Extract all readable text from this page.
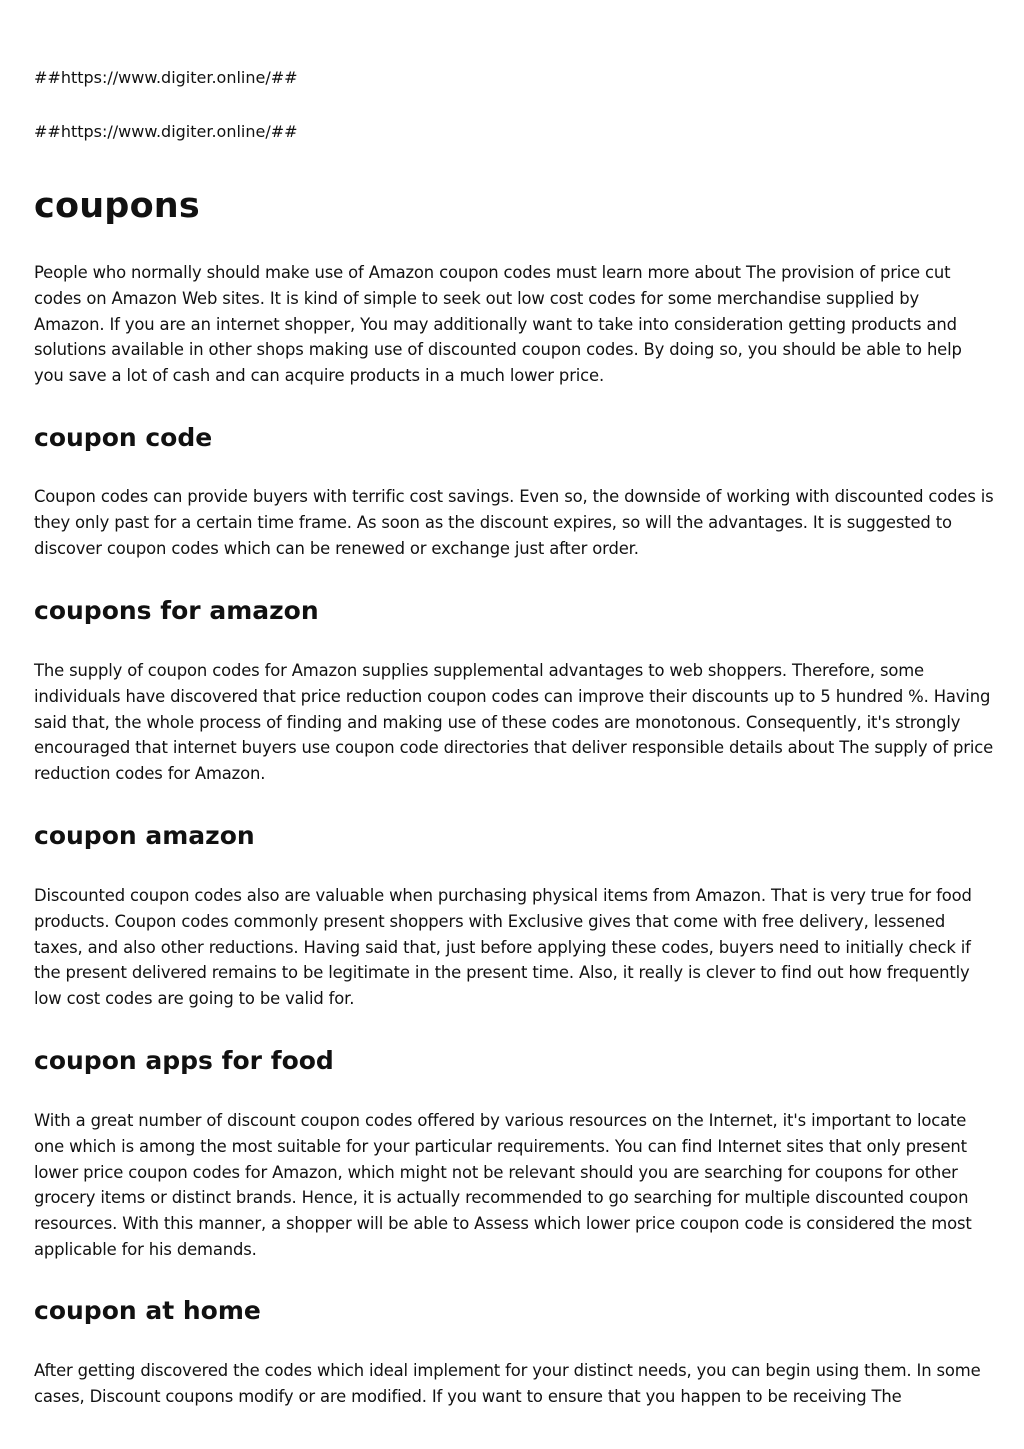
##https://www.digiter.online/##

##https://www.digiter.online/##

coupons

People who normally should make use of Amazon coupon codes must learn more about The provision of price cut codes on Amazon Web sites. It is kind of simple to seek out low cost codes for some merchandise supplied by Amazon. If you are an internet shopper, You may additionally want to take into consideration getting products and solutions available in other shops making use of discounted coupon codes. By doing so, you should be able to help you save a lot of cash and can acquire products in a much lower price.

coupon code

Coupon codes can provide buyers with terrific cost savings. Even so, the downside of working with discounted codes is they only past for a certain time frame. As soon as the discount expires, so will the advantages. It is suggested to discover coupon codes which can be renewed or exchange just after order.

coupons for amazon

The supply of coupon codes for Amazon supplies supplemental advantages to web shoppers. Therefore, some individuals have discovered that price reduction coupon codes can improve their discounts up to 5 hundred %. Having said that, the whole process of finding and making use of these codes are monotonous. Consequently, it's strongly encouraged that internet buyers use coupon code directories that deliver responsible details about The supply of price reduction codes for Amazon.

coupon amazon

Discounted coupon codes also are valuable when purchasing physical items from Amazon. That is very true for food products. Coupon codes commonly present shoppers with Exclusive gives that come with free delivery, lessened taxes, and also other reductions. Having said that, just before applying these codes, buyers need to initially check if the present delivered remains to be legitimate in the present time. Also, it really is clever to find out how frequently low cost codes are going to be valid for.

coupon apps for food

With a great number of discount coupon codes offered by various resources on the Internet, it's important to locate one which is among the most suitable for your particular requirements. You can find Internet sites that only present lower price coupon codes for Amazon, which might not be relevant should you are searching for coupons for other grocery items or distinct brands. Hence, it is actually recommended to go searching for multiple discounted coupon resources. With this manner, a shopper will be able to Assess which lower price coupon code is considered the most applicable for his demands.

coupon at home

After getting discovered the codes which ideal implement for your distinct needs, you can begin using them. In some cases, Discount coupons modify or are modified. If you want to ensure that you happen to be receiving The
